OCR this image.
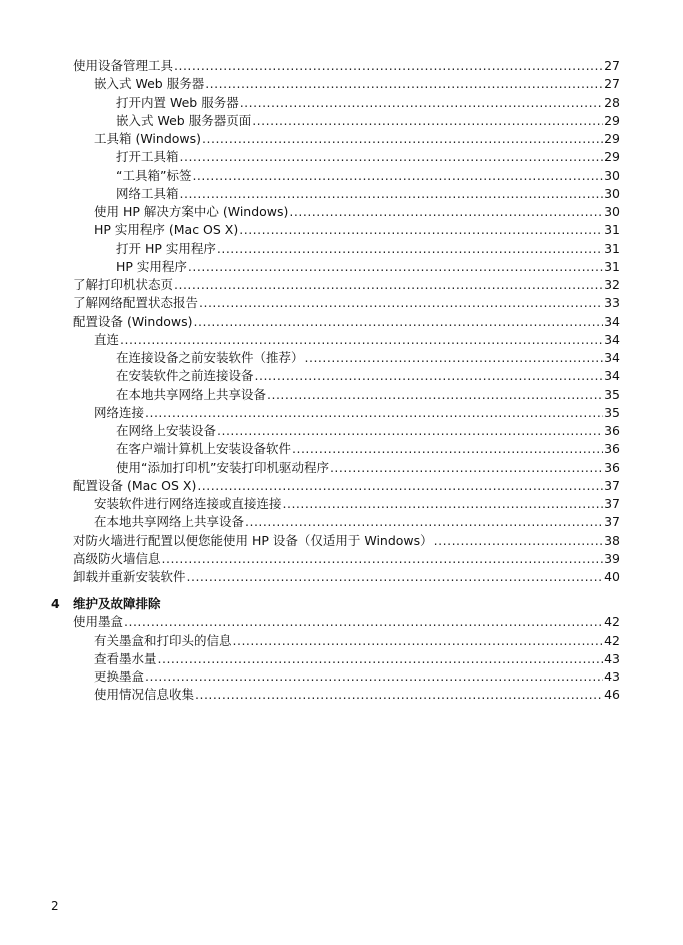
使用设备管理工具 .....	27
嵌入式 Web 服务器 .....	27
打开内置 Web 服务器 .....	28
嵌入式 Web 服务器页面 .....	29
工具箱 (Windows) .....	29
打开工具箱 .....	29
“工具箱”标签 .....	30
网络工具箱 .....	30
使用 HP 解决方案中心 (Windows) .....	30
HP 实用程序 (Mac OS X) .....	31
打开 HP 实用程序 .....	31
HP 实用程序 .....	31
了解打印机状态页 .....	32
了解网络配置状态报告 .....	33
配置设备 (Windows) .....	34
直连 .....	34
在连接设备之前安装软件（推荐） .....	34
在安装软件之前连接设备 .....	34
在本地共享网络上共享设备 .....	35
网络连接 .....	35
在网络上安装设备 .....	36
在客户端计算机上安装设备软件 .....	36
使用“添加打印机”安装打印机驱动程序 .....	36
配置设备 (Mac OS X) .....	37
安装软件进行网络连接或直接连接 .....	37
在本地共享网络上共享设备 .....	37
对防火墙进行配置以便您能使用 HP 设备（仅适用于 Windows） .....	38
高级防火墙信息 .....	39
卸载并重新安装软件 .....	40
4 维护及故障排除
使用墨盒 .....	42
有关墨盒和打印头的信息 .....	42
查看墨水量 .....	43
更换墨盒 .....	43
使用情况信息收集 .....	46
2
